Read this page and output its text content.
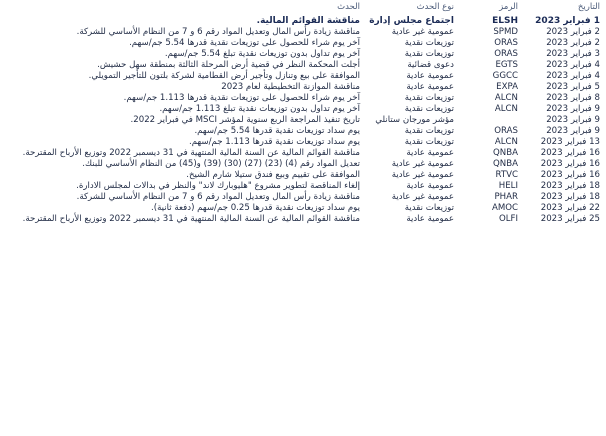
التاريخ
الرمز
نوع الحدث
الحدث
1 فبراير 2023
ELSH
اجتماع مجلس إدارة
مناقشة القوائم المالية.
2 فبراير 2023
SPMD
عمومية غير عادية
مناقشة زيادة رأس المال وتعديل المواد رقم 6 و 7 من النظام الأساسي للشركة.
2 فبراير 2023
ORAS
توزيعات نقدية
آخر يوم شراء للحصول على توزيعات نقدية قدرها 5.54 جم/سهم.
3 فبراير 2023
ORAS
توزيعات نقدية
آخر يوم تداول بدون توزيعات نقدية تبلغ 5.54 جم/سهم.
4 فبراير 2023
EGTS
دعوى قضائية
أجلت المحكمة النظر في قضية أرض المرحلة الثالثة بمنطقة سهل حشيش.
4 فبراير 2023
GGCC
عمومية عادية
الموافقة على بيع وتنازل وتأجير أرض القطامية لشركة بلتون للتأجير التمويلي.
5 فبراير 2023
EXPA
عمومية عادية
مناقشة الموازنة التخطيطية لعام 2023
8 فبراير 2023
ALCN
توزيعات نقدية
آخر يوم شراء للحصول على توزيعات نقدية قدرها 1.113 جم/سهم.
9 فبراير 2023
ALCN
توزيعات نقدية
آخر يوم تداول بدون توزيعات نقدية تبلغ 1.113 جم/سهم.
9 فبراير 2023
مؤشر مورجان ستانلي
تاريخ تنفيذ المراجعة الربع سنوية لمؤشر MSCI في فبراير 2022.
9 فبراير 2023
ORAS
توزيعات نقدية
يوم سداد توزيعات نقدية قدرها 5.54 جم/سهم.
13 فبراير 2023
ALCN
توزيعات نقدية
يوم سداد توزيعات نقدية قدرها 1.113 جم/سهم.
16 فبراير 2023
QNBA
عمومية عادية
مناقشة القوائم المالية عن السنة المالية المنتهية في 31 ديسمبر 2022 وتوزيع الأرباح المقترحة.
16 فبراير 2023
QNBA
عمومية غير عادية
تعديل المواد رقم (4) (23) (27) (30) (39) و(45) من النظام الأساسي للبنك.
16 فبراير 2023
RTVC
عمومية غير عادية
الموافقة على تقييم وبيع فندق ستيلا شارم الشيخ.
18 فبراير 2023
HELI
عمومية عادية
إلغاء المناقصة لتطوير مشروع "هليوبارك لاند" والنظر في بدالات لمجلس الادارة.
18 فبراير 2023
PHAR
عمومية غير عادية
مناقشة زيادة رأس المال وتعديل المواد رقم 6 و 7 من النظام الأساسي للشركة.
22 فبراير 2023
AMOC
توزيعات نقدية
يوم سداد توزيعات نقدية قدرها 0.25 جم/سهم (دفعة ثانية).
25 فبراير 2023
OLFI
عمومية عادية
مناقشة القوائم المالية عن السنة المالية المنتهية في 31 ديسمبر 2022 وتوزيع الأرباح المقترحة.
